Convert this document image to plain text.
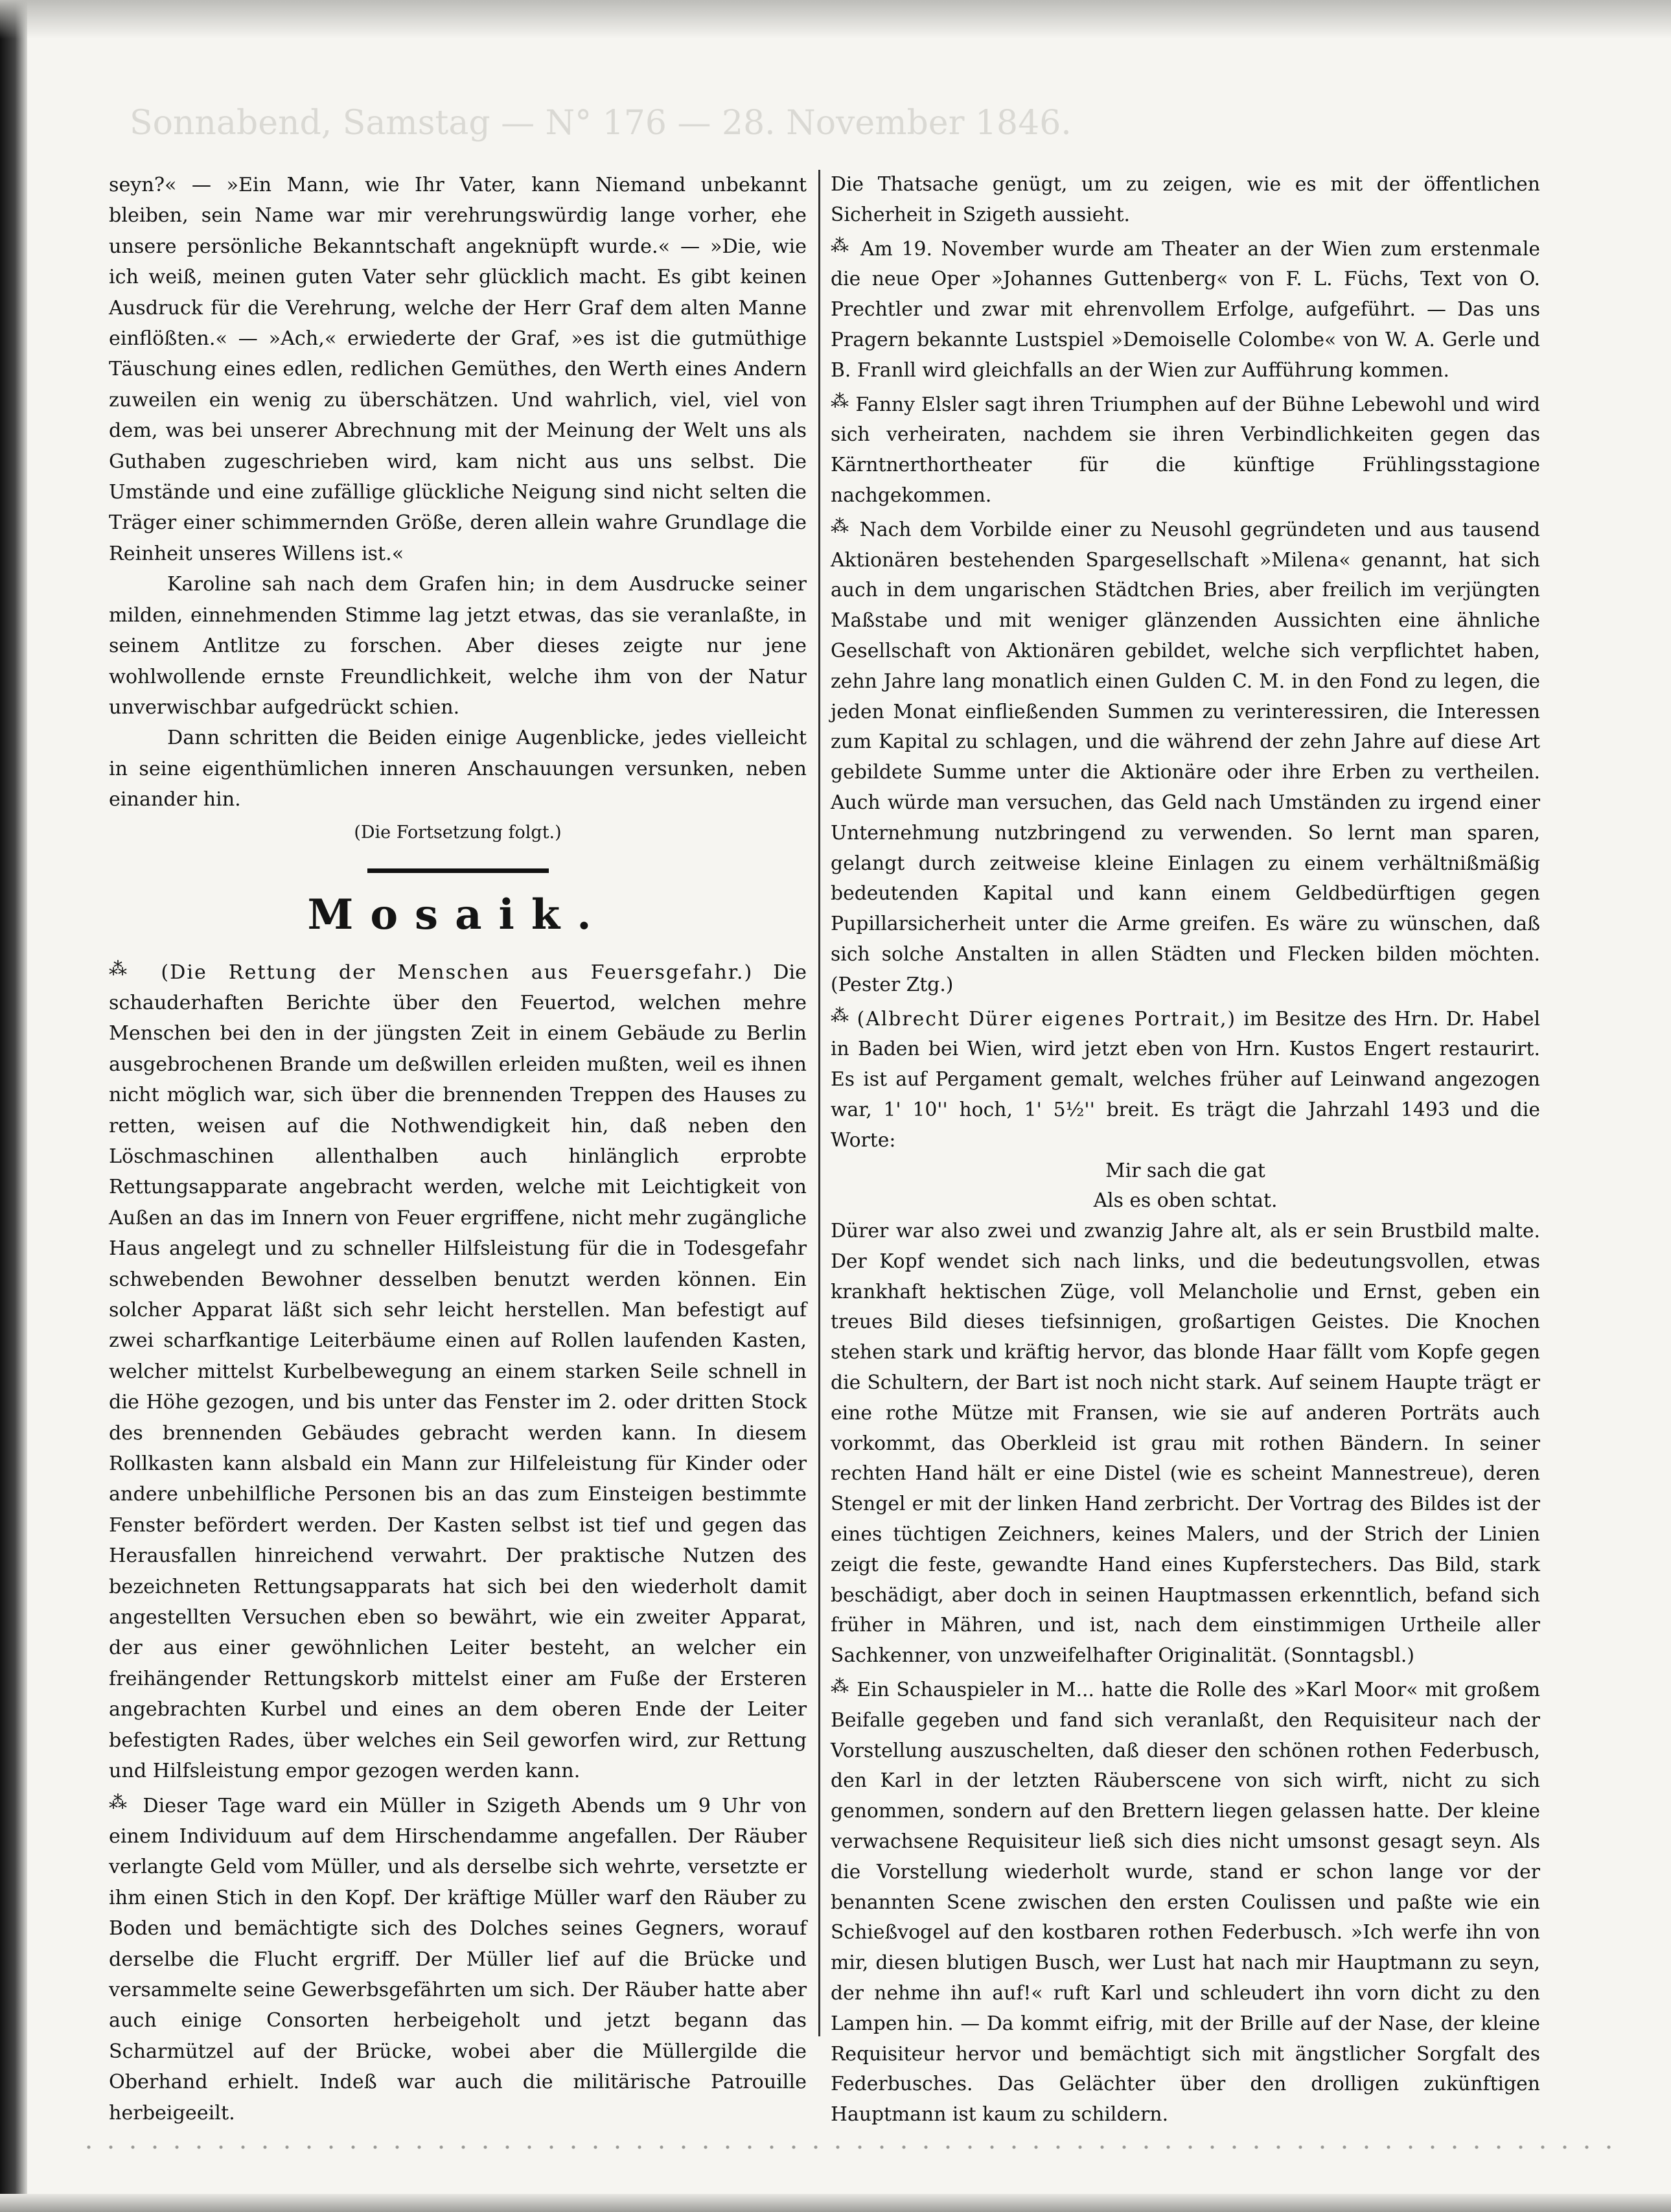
Sonnabend, Samstag — N° 176 — 28. November 1846.

seyn?« — »Ein Mann, wie Ihr Vater, kann Niemand unbekannt bleiben, sein Name war mir verehrungswürdig lange vorher, ehe unsere persönliche Bekanntschaft angeknüpft wurde.« — »Die, wie ich weiß, meinen guten Vater sehr glücklich macht. Es gibt keinen Ausdruck für die Verehrung, welche der Herr Graf dem alten Manne einflößten.« — »Ach,« erwiederte der Graf, »es ist die gutmüthige Täuschung eines edlen, redlichen Gemüthes, den Werth eines Andern zuweilen ein wenig zu überschätzen. Und wahrlich, viel, viel von dem, was bei unserer Abrechnung mit der Meinung der Welt uns als Guthaben zugeschrieben wird, kam nicht aus uns selbst. Die Umstände und eine zufällige glückliche Neigung sind nicht selten die Träger einer schimmernden Größe, deren allein wahre Grundlage die Reinheit unseres Willens ist.«

Karoline sah nach dem Grafen hin; in dem Ausdrucke seiner milden, einnehmenden Stimme lag jetzt etwas, das sie veranlaßte, in seinem Antlitze zu forschen. Aber dieses zeigte nur jene wohlwollende ernste Freundlichkeit, welche ihm von der Natur unverwischbar aufgedrückt schien.

Dann schritten die Beiden einige Augenblicke, jedes vielleicht in seine eigenthümlichen inneren Anschauungen versunken, neben einander hin.

(Die Fortsetzung folgt.)
Mosaik.

⁂ (Die Rettung der Menschen aus Feuersgefahr.) Die schauderhaften Berichte über den Feuertod, welchen mehre Menschen bei den in der jüngsten Zeit in einem Gebäude zu Berlin ausgebrochenen Brande um deßwillen erleiden mußten, weil es ihnen nicht möglich war, sich über die brennenden Treppen des Hauses zu retten, weisen auf die Nothwendigkeit hin, daß neben den Löschmaschinen allenthalben auch hinlänglich erprobte Rettungsapparate angebracht werden, welche mit Leichtigkeit von Außen an das im Innern von Feuer ergriffene, nicht mehr zugängliche Haus angelegt und zu schneller Hilfsleistung für die in Todesgefahr schwebenden Bewohner desselben benutzt werden können. Ein solcher Apparat läßt sich sehr leicht herstellen. Man befestigt auf zwei scharfkantige Leiterbäume einen auf Rollen laufenden Kasten, welcher mittelst Kurbelbewegung an einem starken Seile schnell in die Höhe gezogen, und bis unter das Fenster im 2. oder dritten Stock des brennenden Gebäudes gebracht werden kann. In diesem Rollkasten kann alsbald ein Mann zur Hilfeleistung für Kinder oder andere unbehilfliche Personen bis an das zum Einsteigen bestimmte Fenster befördert werden. Der Kasten selbst ist tief und gegen das Herausfallen hinreichend verwahrt. Der praktische Nutzen des bezeichneten Rettungsapparats hat sich bei den wiederholt damit angestellten Versuchen eben so bewährt, wie ein zweiter Apparat, der aus einer gewöhnlichen Leiter besteht, an welcher ein freihängender Rettungskorb mittelst einer am Fuße der Ersteren angebrachten Kurbel und eines an dem oberen Ende der Leiter befestigten Rades, über welches ein Seil geworfen wird, zur Rettung und Hilfsleistung empor gezogen werden kann.

⁂ Dieser Tage ward ein Müller in Szigeth Abends um 9 Uhr von einem Individuum auf dem Hirschendamme angefallen. Der Räuber verlangte Geld vom Müller, und als derselbe sich wehrte, versetzte er ihm einen Stich in den Kopf. Der kräftige Müller warf den Räuber zu Boden und bemächtigte sich des Dolches seines Gegners, worauf derselbe die Flucht ergriff. Der Müller lief auf die Brücke und versammelte seine Gewerbsgefährten um sich. Der Räuber hatte aber auch einige Consorten herbeigeholt und jetzt begann das Scharmützel auf der Brücke, wobei aber die Müllergilde die Oberhand erhielt. Indeß war auch die militärische Patrouille herbeigeeilt.

Die Thatsache genügt, um zu zeigen, wie es mit der öffentlichen Sicherheit in Szigeth aussieht.

⁂ Am 19. November wurde am Theater an der Wien zum erstenmale die neue Oper »Johannes Guttenberg« von F. L. Füchs, Text von O. Prechtler und zwar mit ehrenvollem Erfolge, aufgeführt. — Das uns Pragern bekannte Lustspiel »Demoiselle Colombe« von W. A. Gerle und B. Franll wird gleichfalls an der Wien zur Aufführung kommen.

⁂ Fanny Elsler sagt ihren Triumphen auf der Bühne Lebewohl und wird sich verheiraten, nachdem sie ihren Verbindlichkeiten gegen das Kärntnerthortheater für die künftige Frühlingsstagione nachgekommen.

⁂ Nach dem Vorbilde einer zu Neusohl gegründeten und aus tausend Aktionären bestehenden Spargesellschaft »Milena« genannt, hat sich auch in dem ungarischen Städtchen Bries, aber freilich im verjüngten Maßstabe und mit weniger glänzenden Aussichten eine ähnliche Gesellschaft von Aktionären gebildet, welche sich verpflichtet haben, zehn Jahre lang monatlich einen Gulden C. M. in den Fond zu legen, die jeden Monat einfließenden Summen zu verinteressiren, die Interessen zum Kapital zu schlagen, und die während der zehn Jahre auf diese Art gebildete Summe unter die Aktionäre oder ihre Erben zu vertheilen. Auch würde man versuchen, das Geld nach Umständen zu irgend einer Unternehmung nutzbringend zu verwenden. So lernt man sparen, gelangt durch zeitweise kleine Einlagen zu einem verhältnißmäßig bedeutenden Kapital und kann einem Geldbedürftigen gegen Pupillarsicherheit unter die Arme greifen. Es wäre zu wünschen, daß sich solche Anstalten in allen Städten und Flecken bilden möchten. (Pester Ztg.)

⁂ (Albrecht Dürer eigenes Portrait,) im Besitze des Hrn. Dr. Habel in Baden bei Wien, wird jetzt eben von Hrn. Kustos Engert restaurirt. Es ist auf Pergament gemalt, welches früher auf Leinwand angezogen war, 1' 10'' hoch, 1' 5½'' breit. Es trägt die Jahrzahl 1493 und die Worte:

Mir sach die gat
Als es oben schtat.

Dürer war also zwei und zwanzig Jahre alt, als er sein Brustbild malte. Der Kopf wendet sich nach links, und die bedeutungsvollen, etwas krankhaft hektischen Züge, voll Melancholie und Ernst, geben ein treues Bild dieses tiefsinnigen, großartigen Geistes. Die Knochen stehen stark und kräftig hervor, das blonde Haar fällt vom Kopfe gegen die Schultern, der Bart ist noch nicht stark. Auf seinem Haupte trägt er eine rothe Mütze mit Fransen, wie sie auf anderen Porträts auch vorkommt, das Oberkleid ist grau mit rothen Bändern. In seiner rechten Hand hält er eine Distel (wie es scheint Mannestreue), deren Stengel er mit der linken Hand zerbricht. Der Vortrag des Bildes ist der eines tüchtigen Zeichners, keines Malers, und der Strich der Linien zeigt die feste, gewandte Hand eines Kupferstechers. Das Bild, stark beschädigt, aber doch in seinen Hauptmassen erkenntlich, befand sich früher in Mähren, und ist, nach dem einstimmigen Urtheile aller Sachkenner, von unzweifelhafter Originalität. (Sonntagsbl.)

⁂ Ein Schauspieler in M... hatte die Rolle des »Karl Moor« mit großem Beifalle gegeben und fand sich veranlaßt, den Requisiteur nach der Vorstellung auszuschelten, daß dieser den schönen rothen Federbusch, den Karl in der letzten Räuberscene von sich wirft, nicht zu sich genommen, sondern auf den Brettern liegen gelassen hatte. Der kleine verwachsene Requisiteur ließ sich dies nicht umsonst gesagt seyn. Als die Vorstellung wiederholt wurde, stand er schon lange vor der benannten Scene zwischen den ersten Coulissen und paßte wie ein Schießvogel auf den kostbaren rothen Federbusch. »Ich werfe ihn von mir, diesen blutigen Busch, wer Lust hat nach mir Hauptmann zu seyn, der nehme ihn auf!« ruft Karl und schleudert ihn vorn dicht zu den Lampen hin. — Da kommt eifrig, mit der Brille auf der Nase, der kleine Requisiteur hervor und bemächtigt sich mit ängstlicher Sorgfalt des Federbusches. Das Gelächter über den drolligen zukünftigen Hauptmann ist kaum zu schildern.
